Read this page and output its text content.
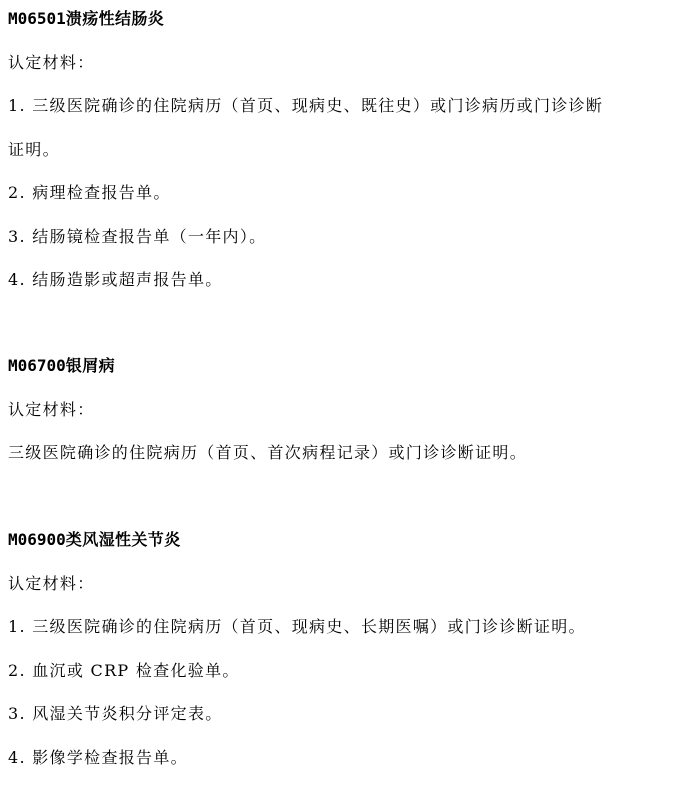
M06501溃疡性结肠炎
认定材料：
1. 三级医院确诊的住院病历（首页、现病史、既往史）或门诊病历或门诊诊断
证明。
2. 病理检查报告单。
3. 结肠镜检查报告单（一年内）。
4. 结肠造影或超声报告单。
M06700银屑病
认定材料：
三级医院确诊的住院病历（首页、首次病程记录）或门诊诊断证明。
M06900类风湿性关节炎
认定材料：
1. 三级医院确诊的住院病历（首页、现病史、长期医嘱）或门诊诊断证明。
2. 血沉或 CRP 检查化验单。
3. 风湿关节炎积分评定表。
4. 影像学检查报告单。
